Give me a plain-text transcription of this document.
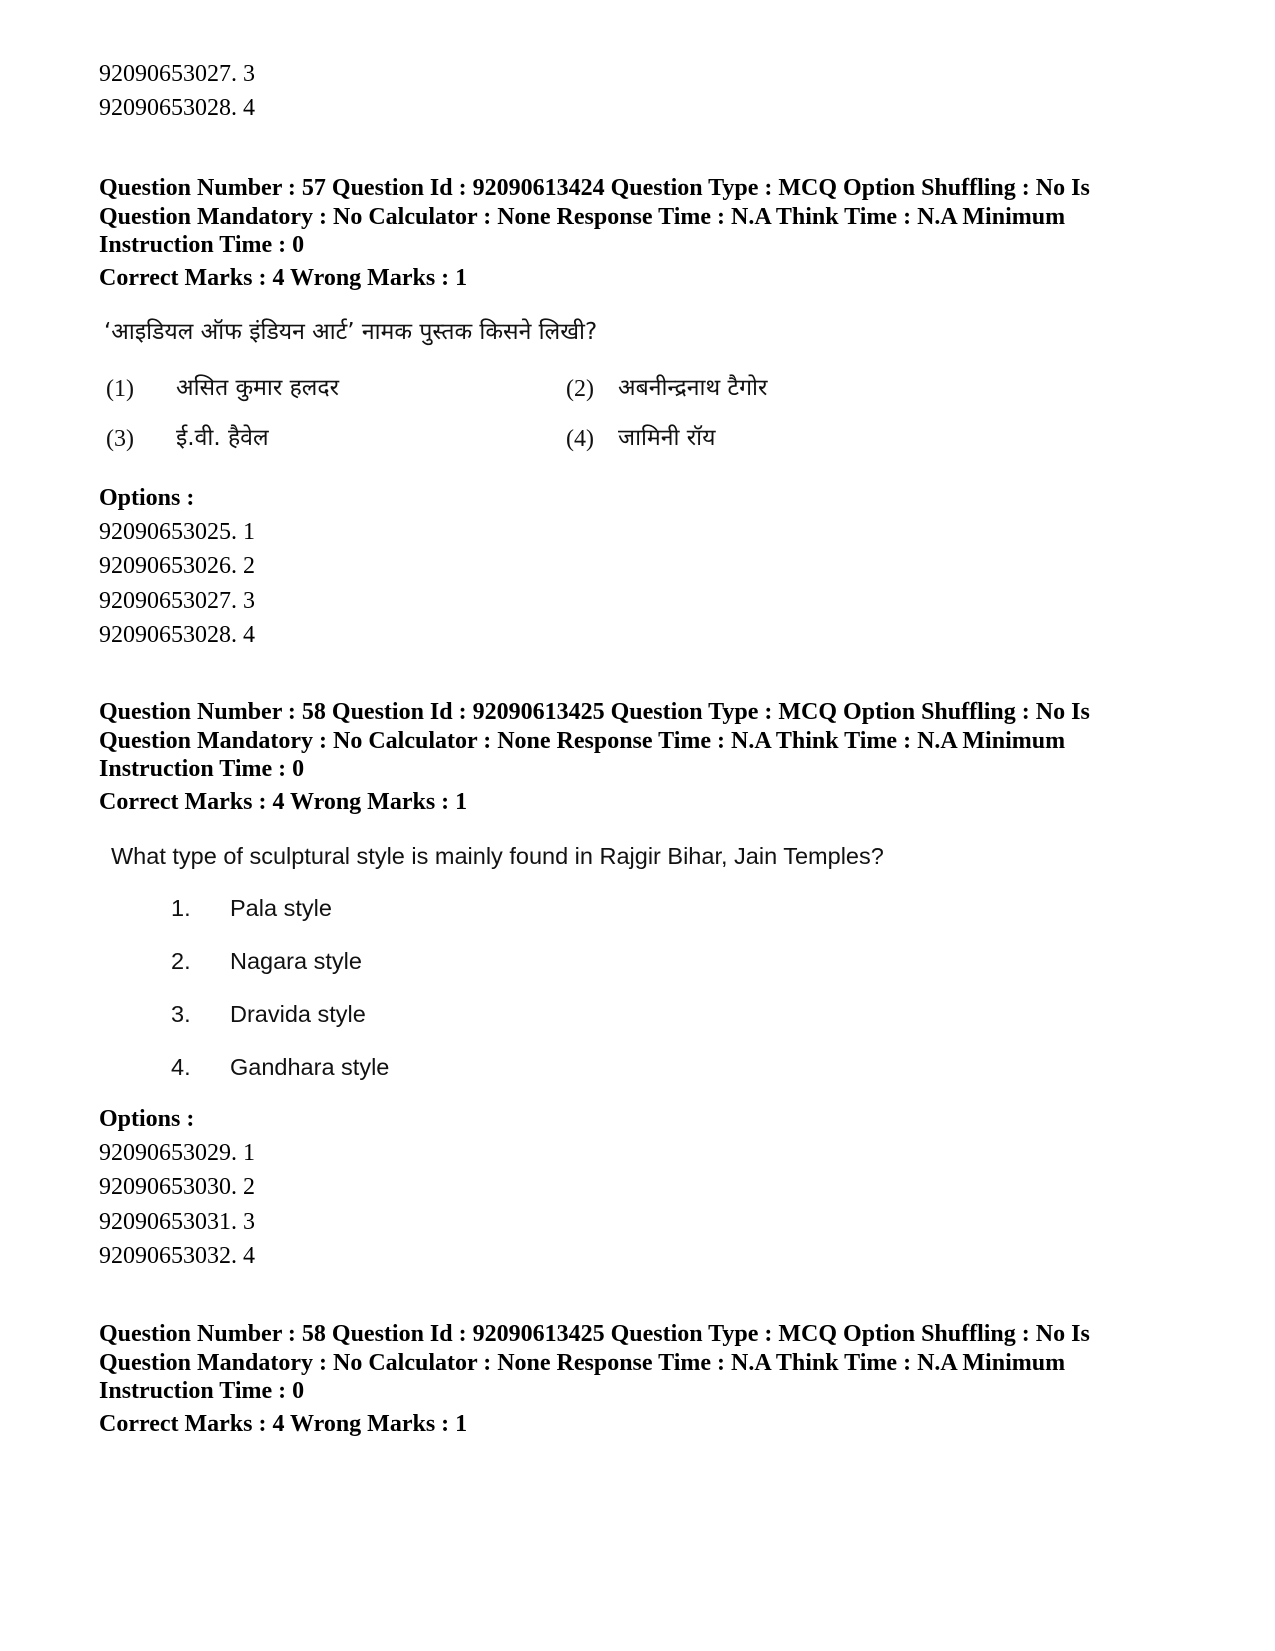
92090653027. 3
92090653028. 4
Question Number : 57 Question Id : 92090613424 Question Type : MCQ Option Shuffling : No Is
Question Mandatory : No Calculator : None Response Time : N.A Think Time : N.A Minimum
Instruction Time : 0
Correct Marks : 4 Wrong Marks : 1
‘आइडियल ऑफ इंडियन आर्ट’ नामक पुस्तक किसने लिखी?
(1) असित कुमार हलदर	(2) अबनीन्द्रनाथ टैगोर
(3) ई.वी. हैवेल	(4) जामिनी रॉय
Options :
92090653025. 1
92090653026. 2
92090653027. 3
92090653028. 4
Question Number : 58 Question Id : 92090613425 Question Type : MCQ Option Shuffling : No Is
Question Mandatory : No Calculator : None Response Time : N.A Think Time : N.A Minimum
Instruction Time : 0
Correct Marks : 4 Wrong Marks : 1
What type of sculptural style is mainly found in Rajgir Bihar, Jain Temples?
1. Pala style
2. Nagara style
3. Dravida style
4. Gandhara style
Options :
92090653029. 1
92090653030. 2
92090653031. 3
92090653032. 4
Question Number : 58 Question Id : 92090613425 Question Type : MCQ Option Shuffling : No Is
Question Mandatory : No Calculator : None Response Time : N.A Think Time : N.A Minimum
Instruction Time : 0
Correct Marks : 4 Wrong Marks : 1
